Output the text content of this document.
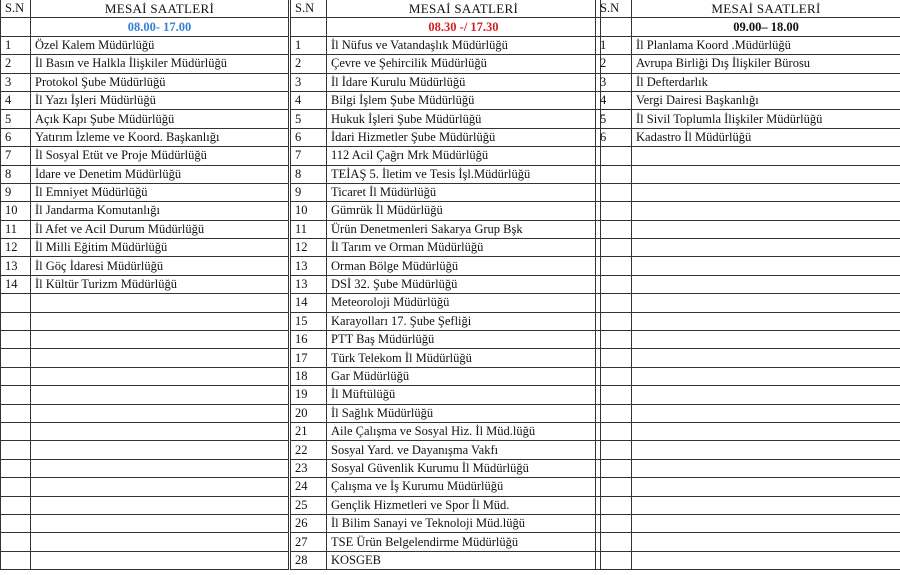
S.N	MESAİ SAATLERİ
	08.00- 17.00
1	Özel Kalem Müdürlüğü
2	İl Basın ve Halkla İlişkiler Müdürlüğü
3	Protokol Şube Müdürlüğü
4	İl Yazı İşleri Müdürlüğü
5	Açık Kapı Şube Müdürlüğü
6	Yatırım İzleme ve Koord. Başkanlığı
7	İl Sosyal Etüt ve Proje Müdürlüğü
8	İdare ve Denetim Müdürlüğü
9	İl Emniyet Müdürlüğü
10	İl Jandarma Komutanlığı
11	İl Afet ve Acil Durum Müdürlüğü
12	İl Milli Eğitim Müdürlüğü
13	İl Göç İdaresi Müdürlüğü
14	İl Kültür Turizm Müdürlüğü

S.N	MESAİ SAATLERİ
	08.30 -/ 17.30
1	İl Nüfus ve Vatandaşlık Müdürlüğü
2	Çevre ve Şehircilik Müdürlüğü
3	İl İdare Kurulu Müdürlüğü
4	Bilgi İşlem Şube Müdürlüğü
5	Hukuk İşleri Şube Müdürlüğü
6	İdari Hizmetler Şube Müdürlüğü
7	112 Acil Çağrı Mrk Müdürlüğü
8	TEİAŞ 5. İletim ve Tesis İşl.Müdürlüğü
9	Ticaret İl Müdürlüğü
10	Gümrük İl Müdürlüğü
11	Ürün Denetmenleri Sakarya Grup Bşk
12	İl Tarım ve Orman Müdürlüğü
13	Orman Bölge Müdürlüğü
13	DSİ 32. Şube Müdürlüğü
14	Meteoroloji Müdürlüğü
15	Karayolları 17. Şube Şefliği
16	PTT Baş Müdürlüğü
17	Türk Telekom İl Müdürlüğü
18	Gar Müdürlüğü
19	İl Müftülüğü
20	İl Sağlık Müdürlüğü
21	Aile Çalışma ve Sosyal Hiz. İl Müd.lüğü
22	Sosyal Yard. ve Dayanışma Vakfı
23	Sosyal Güvenlik Kurumu İl Müdürlüğü
24	Çalışma ve İş Kurumu Müdürlüğü
25	Gençlik Hizmetleri ve Spor İl Müd.
26	İl Bilim Sanayi ve Teknoloji Müd.lüğü
27	TSE Ürün Belgelendirme Müdürlüğü
28	KOSGEB
S.N	MESAİ SAATLERİ
	09.00– 18.00
1	İl Planlama Koord .Müdürlüğü
2	Avrupa Birliği Dış İlişkiler Bürosu
3	İl Defterdarlık
4	Vergi Dairesi Başkanlığı
5	İl Sivil Toplumla İlişkiler Müdürlüğü
6	Kadastro İl Müdürlüğü
